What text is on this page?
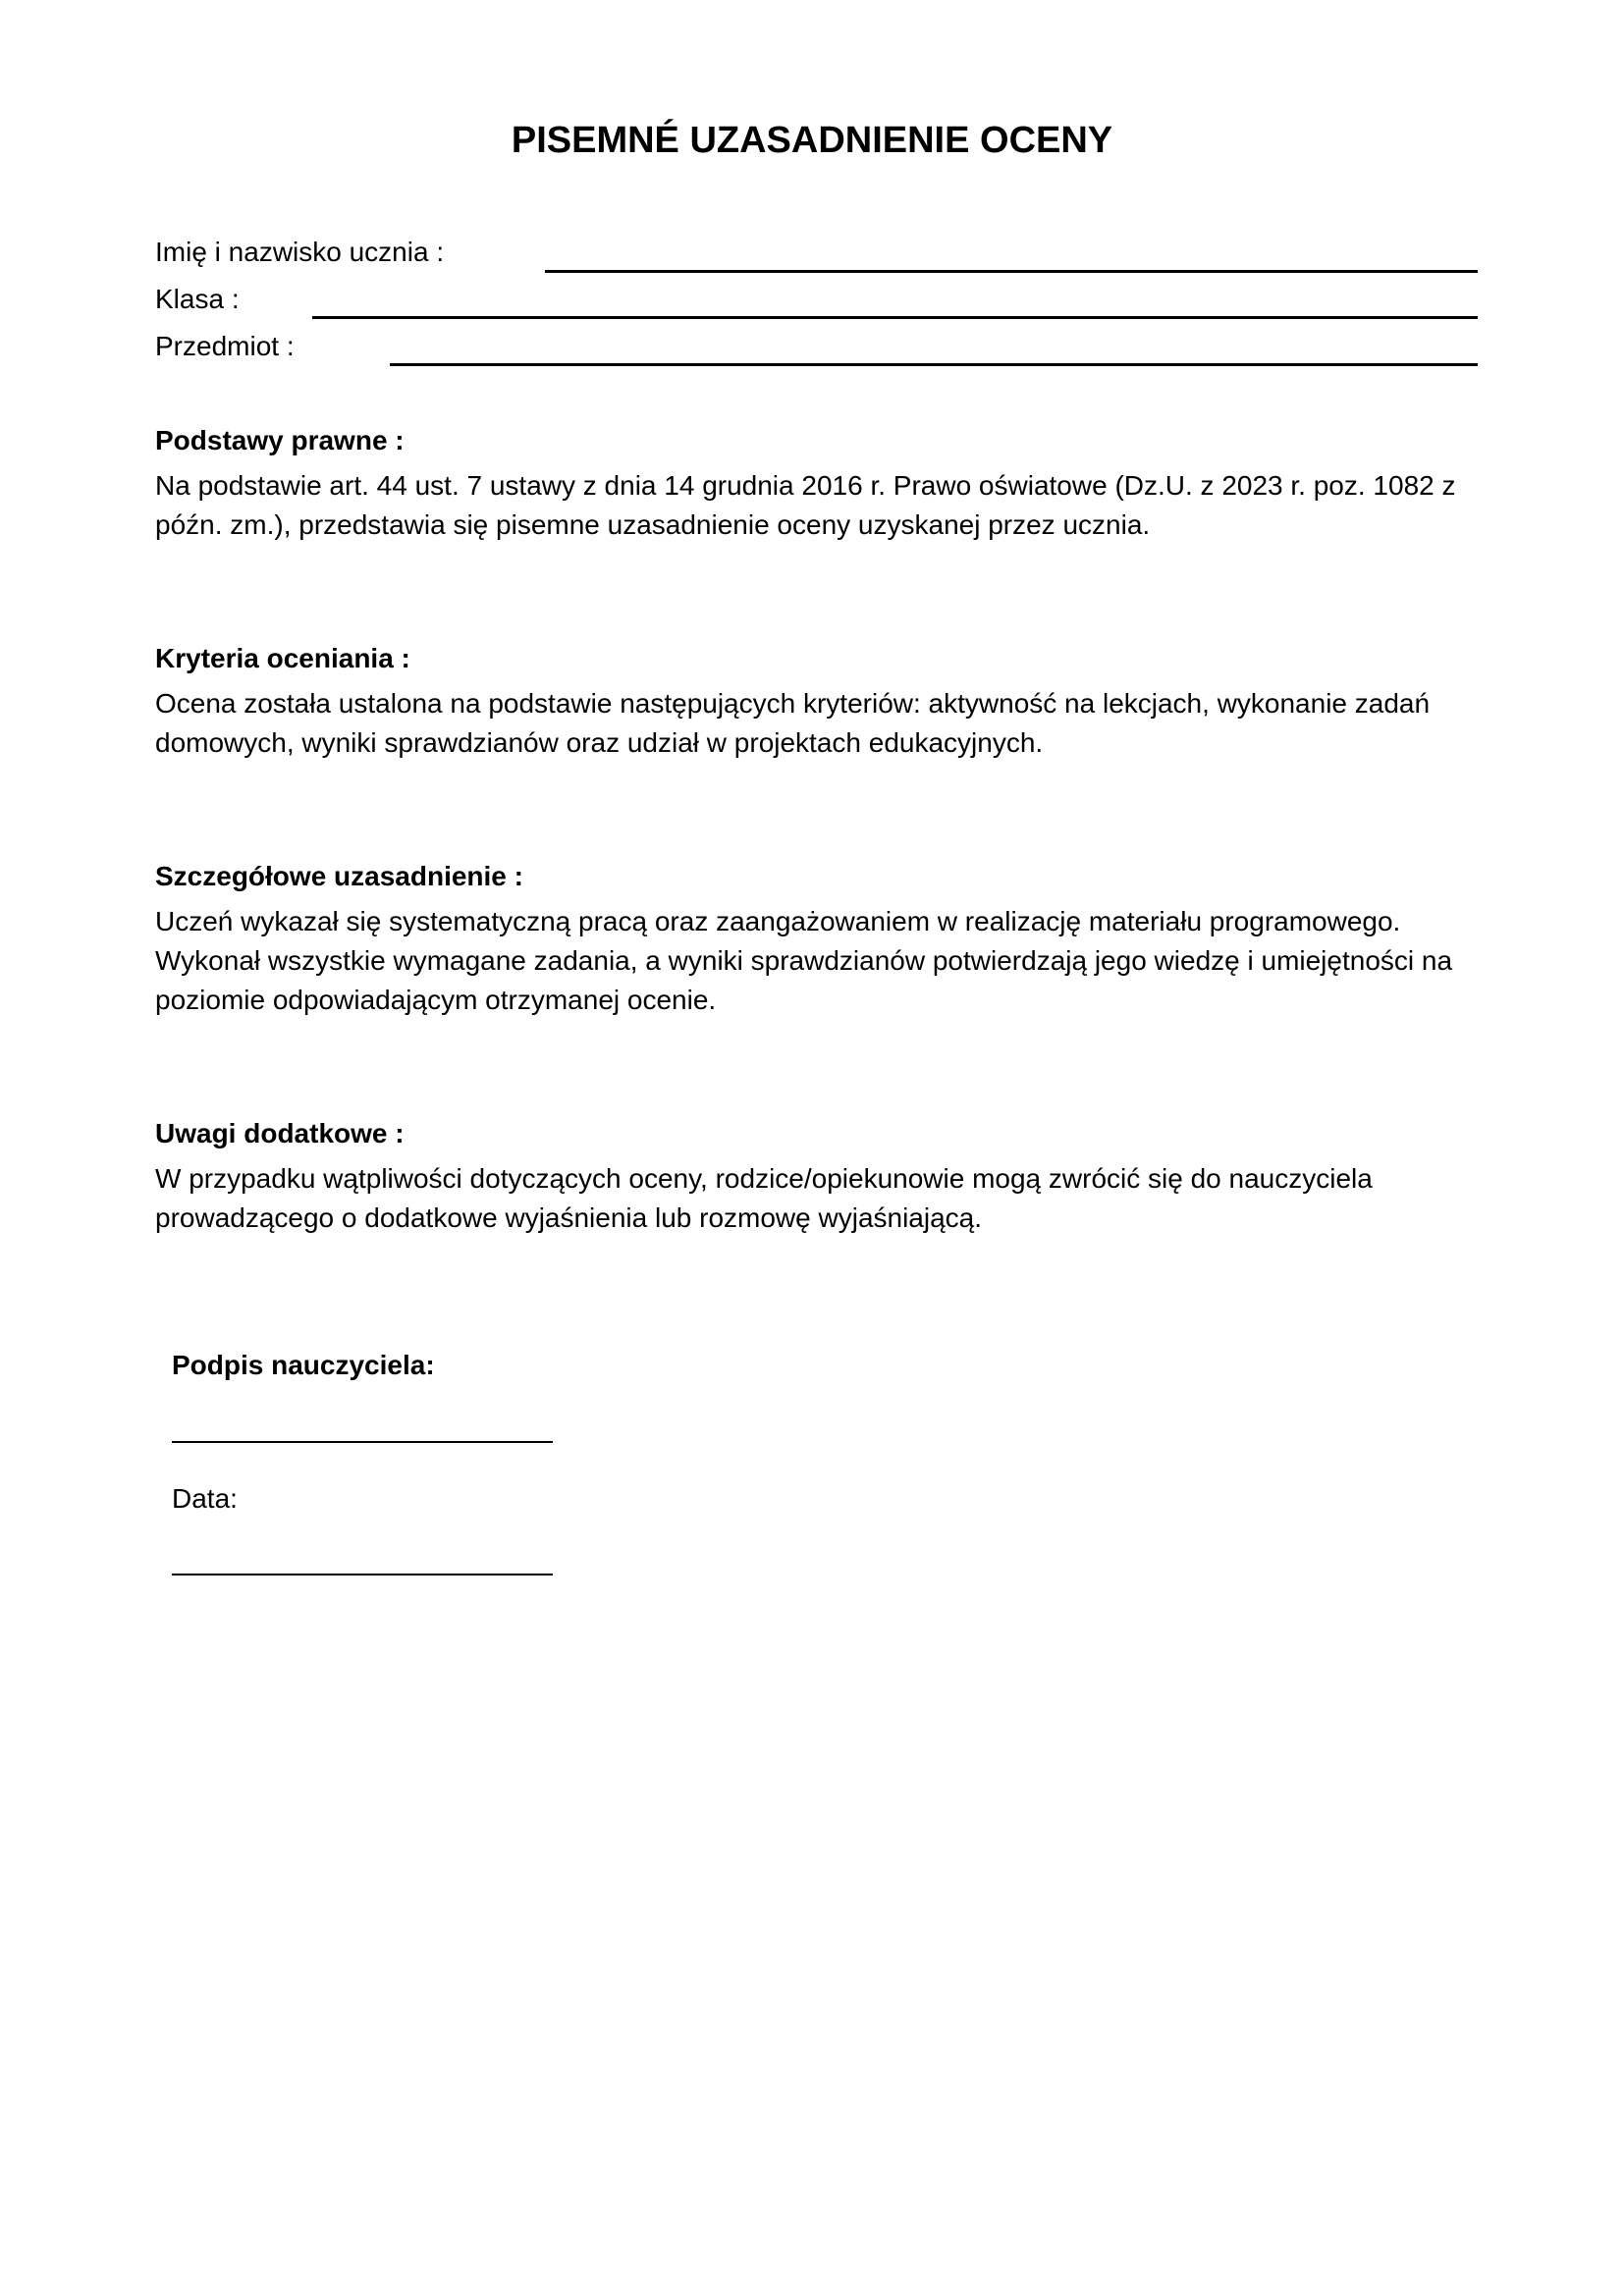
PISEMNÉ UZASADNIENIE OCENY
Imię i nazwisko ucznia :
Klasa :
Przedmiot :
Podstawy prawne :

Na podstawie art. 44 ust. 7 ustawy z dnia 14 grudnia 2016 r. Prawo oświatowe (Dz.U. z 2023 r. poz. 1082 z późn. zm.), przedstawia się pisemne uzasadnienie oceny uzyskanej przez ucznia.

Kryteria oceniania :

Ocena została ustalona na podstawie następujących kryteriów: aktywność na lekcjach, wykonanie zadań domowych, wyniki sprawdzianów oraz udział w projektach edukacyjnych.

Szczegółowe uzasadnienie :

Uczeń wykazał się systematyczną pracą oraz zaangażowaniem w realizację materiału programowego. Wykonał wszystkie wymagane zadania, a wyniki sprawdzianów potwierdzają jego wiedzę i umiejętności na poziomie odpowiadającym otrzymanej ocenie.

Uwagi dodatkowe :

W przypadku wątpliwości dotyczących oceny, rodzice/opiekunowie mogą zwrócić się do nauczyciela prowadzącego o dodatkowe wyjaśnienia lub rozmowę wyjaśniającą.

Podpis nauczyciela:
Data:
